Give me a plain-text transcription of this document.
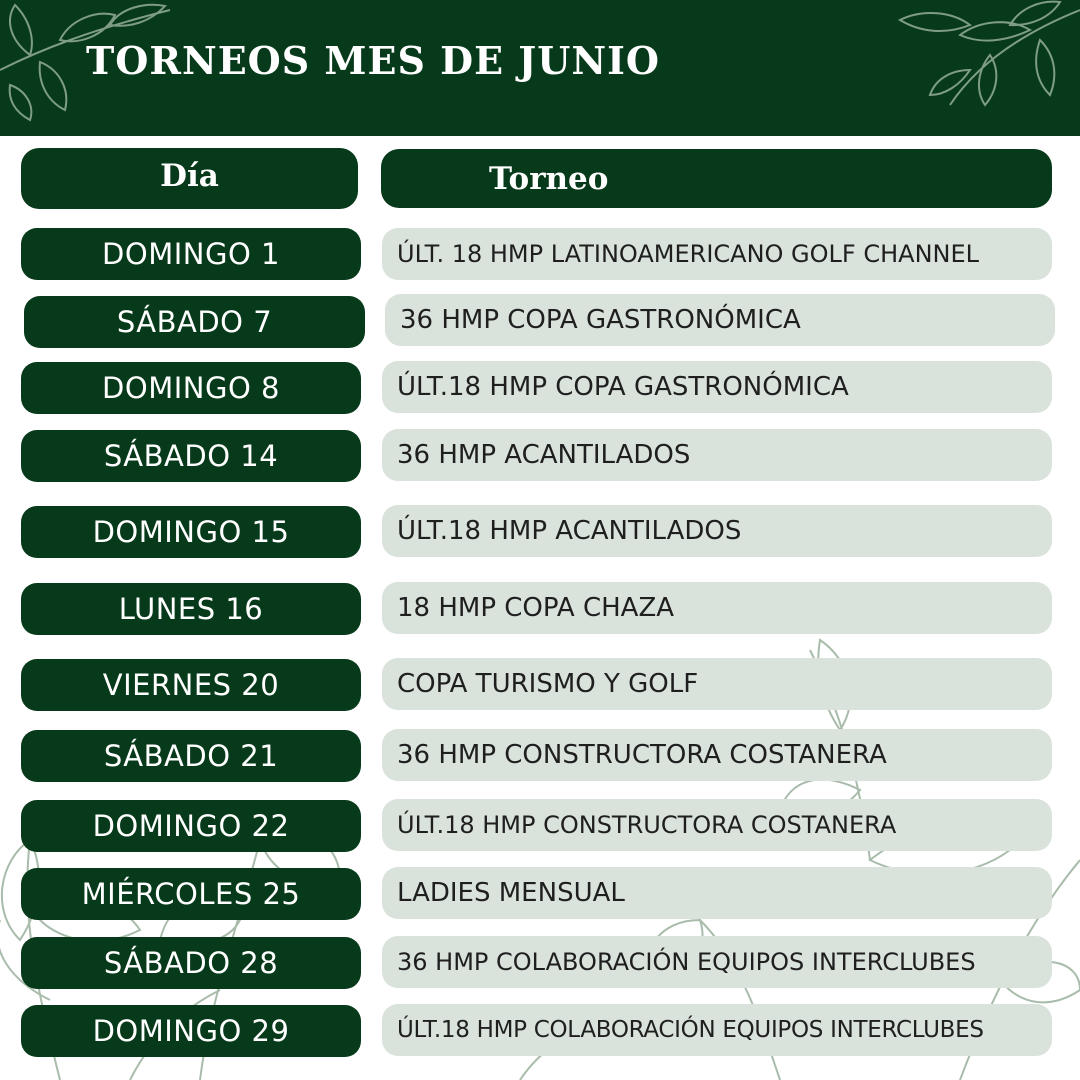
TORNEOS MES DE JUNIO
Día	Torneo
DOMINGO 1	ÚLT. 18 HMP LATINOAMERICANO GOLF CHANNEL
SÁBADO 7	36 HMP COPA GASTRONÓMICA
DOMINGO 8	ÚLT.18 HMP COPA GASTRONÓMICA
SÁBADO 14	36 HMP ACANTILADOS
DOMINGO 15	ÚLT.18 HMP ACANTILADOS
LUNES 16	18 HMP COPA CHAZA
VIERNES 20	COPA TURISMO Y GOLF
SÁBADO 21	36 HMP CONSTRUCTORA COSTANERA
DOMINGO 22	ÚLT.18 HMP CONSTRUCTORA COSTANERA
MIÉRCOLES 25	LADIES MENSUAL
SÁBADO 28	36 HMP COLABORACIÓN EQUIPOS INTERCLUBES
DOMINGO 29	ÚLT.18 HMP COLABORACIÓN EQUIPOS INTERCLUBES
